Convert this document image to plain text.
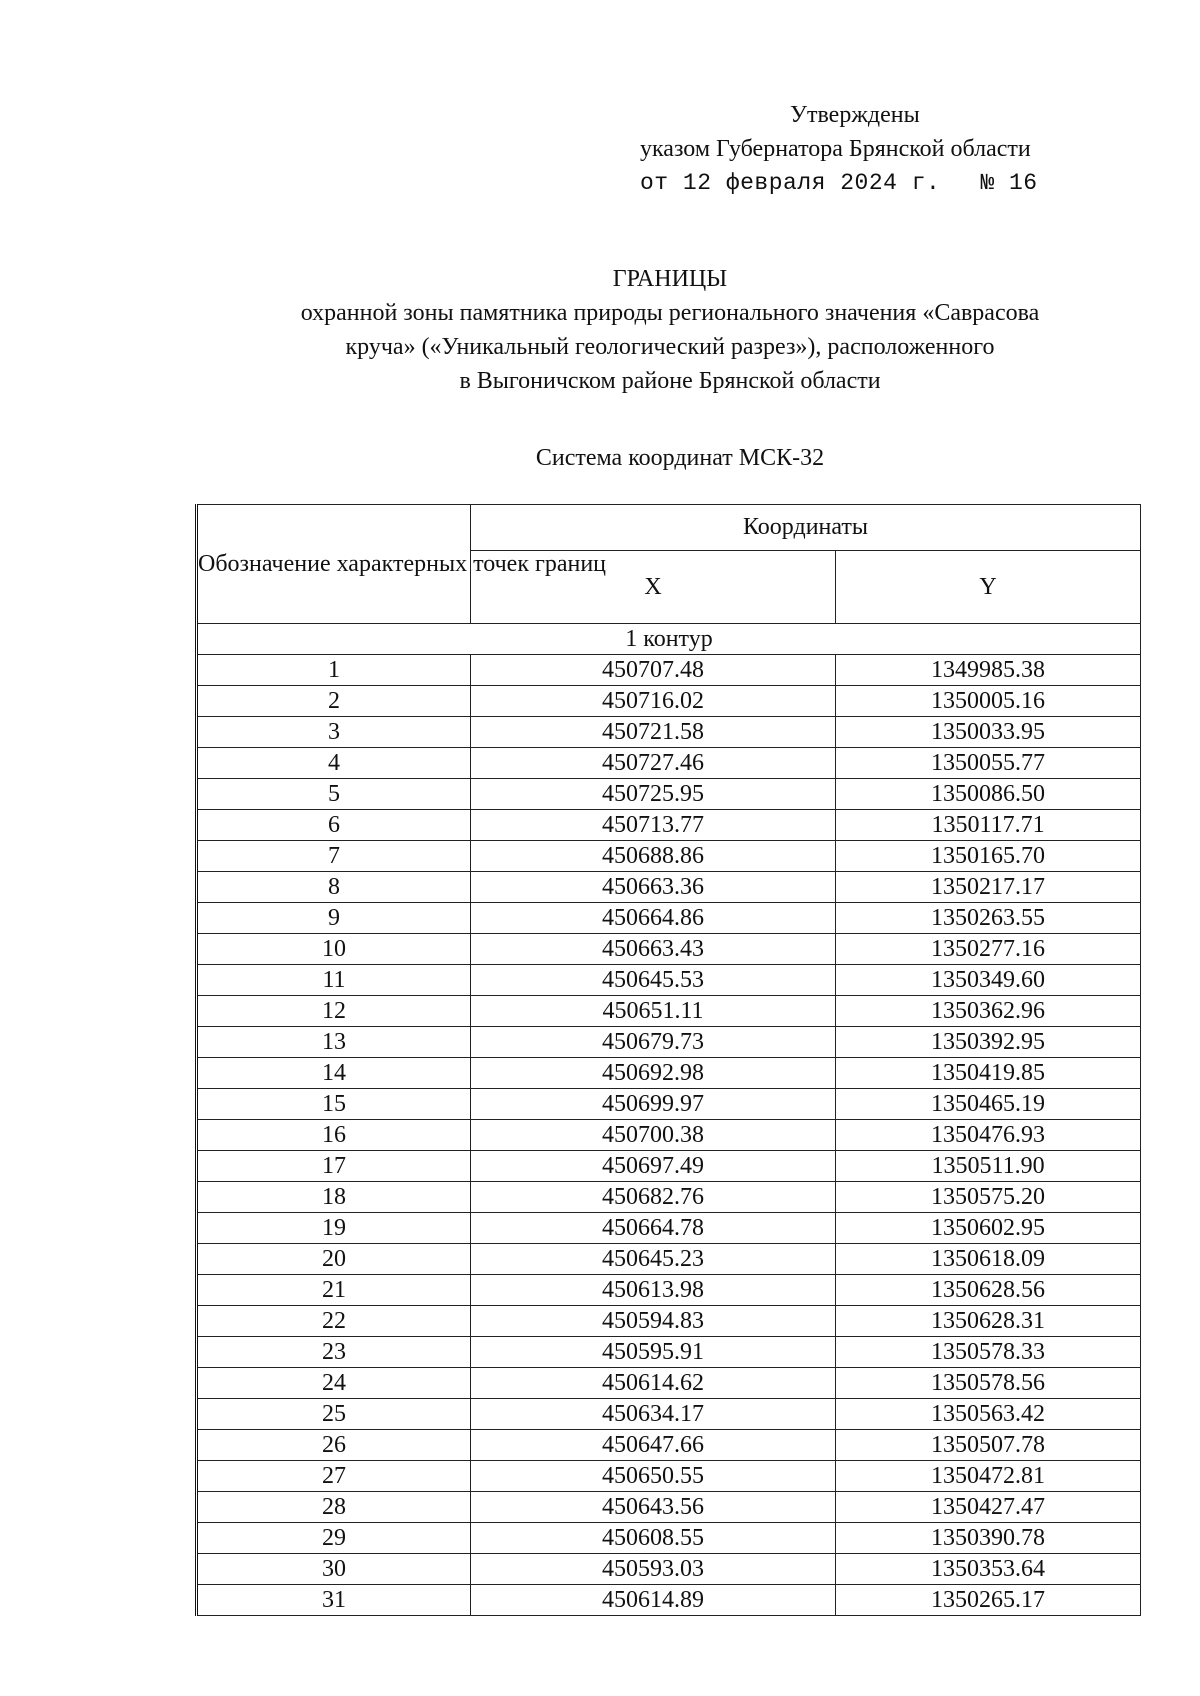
Утверждены
указом Губернатора Брянской области
от 12 февраля 2024 г. № 16
ГРАНИЦЫ
охранной зоны памятника природы регионального значения «Саврасова
круча» («Уникальный геологический разрез»), расположенного
в Выгоничском районе Брянской области
Система координат МСК-32
Обозначение характерных точек границ	Координаты	
	X	Y
1 контур		
1	450707.48	1349985.38
2	450716.02	1350005.16
3	450721.58	1350033.95
4	450727.46	1350055.77
5	450725.95	1350086.50
6	450713.77	1350117.71
7	450688.86	1350165.70
8	450663.36	1350217.17
9	450664.86	1350263.55
10	450663.43	1350277.16
11	450645.53	1350349.60
12	450651.11	1350362.96
13	450679.73	1350392.95
14	450692.98	1350419.85
15	450699.97	1350465.19
16	450700.38	1350476.93
17	450697.49	1350511.90
18	450682.76	1350575.20
19	450664.78	1350602.95
20	450645.23	1350618.09
21	450613.98	1350628.56
22	450594.83	1350628.31
23	450595.91	1350578.33
24	450614.62	1350578.56
25	450634.17	1350563.42
26	450647.66	1350507.78
27	450650.55	1350472.81
28	450643.56	1350427.47
29	450608.55	1350390.78
30	450593.03	1350353.64
31	450614.89	1350265.17
